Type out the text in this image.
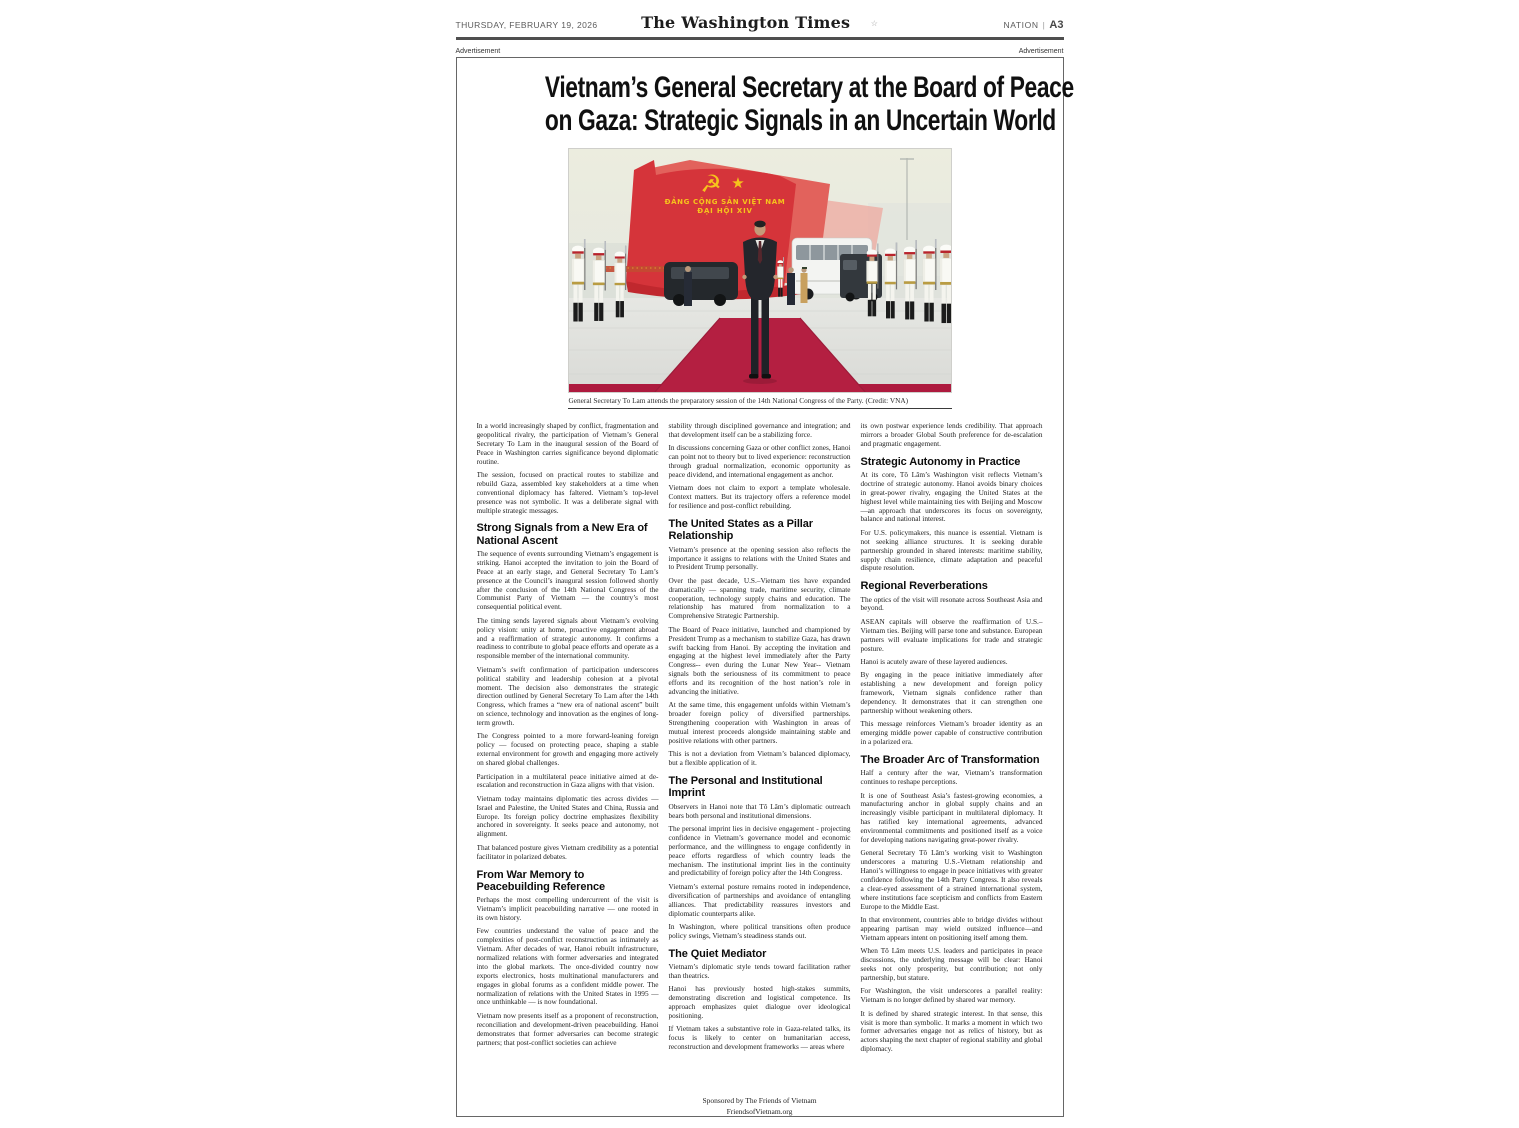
THURSDAY, FEBRUARY 19, 2026	The Washington Times	☆	NATION | A3
Advertisement	Advertisement
Vietnam’s General Secretary at the Board of Peace
on Gaza: Strategic Signals in an Uncertain World
☭ ★
ĐẢNG CỘNG SẢN VIỆT NAM
ĐẠI HỘI XIV
General Secretary To Lam attends the preparatory session of the 14th National Congress of the Party. (Credit: VNA)

In a world increasingly shaped by conflict, fragmentation and geopolitical rivalry, the participation of Vietnam’s General Secretary To Lam in the inaugural session of the Board of Peace in Washington carries significance beyond diplomatic routine.

The session, focused on practical routes to stabilize and rebuild Gaza, assembled key stakeholders at a time when conventional diplomacy has faltered. Vietnam’s top-level presence was not symbolic. It was a deliberate signal with multiple strategic messages.

Strong Signals from a New Era of National Ascent

The sequence of events surrounding Vietnam’s engagement is striking. Hanoi accepted the invitation to join the Board of Peace at an early stage, and General Secretary To Lam’s presence at the Council’s inaugural session followed shortly after the conclusion of the 14th National Congress of the Communist Party of Vietnam — the country’s most consequential political event.

The timing sends layered signals about Vietnam’s evolving policy vision: unity at home, proactive engagement abroad and a reaffirmation of strategic autonomy. It confirms a readiness to contribute to global peace efforts and operate as a responsible member of the international community.

Vietnam’s swift confirmation of participation underscores political stability and leadership cohesion at a pivotal moment. The decision also demonstrates the strategic direction outlined by General Secretary To Lam after the 14th Congress, which frames a “new era of national ascent” built on science, technology and innovation as the engines of long-term growth.

The Congress pointed to a more forward-leaning foreign policy — focused on protecting peace, shaping a stable external environment for growth and engaging more actively on shared global challenges.

Participation in a multilateral peace initiative aimed at de-escalation and reconstruction in Gaza aligns with that vision.

Vietnam today maintains diplomatic ties across divides — Israel and Palestine, the United States and China, Russia and Europe. Its foreign policy doctrine emphasizes flexibility anchored in sovereignty. It seeks peace and autonomy, not alignment.

That balanced posture gives Vietnam credibility as a potential facilitator in polarized debates.

From War Memory to Peacebuilding Reference

Perhaps the most compelling undercurrent of the visit is Vietnam’s implicit peacebuilding narrative — one rooted in its own history.

Few countries understand the value of peace and the complexities of post-conflict reconstruction as intimately as Vietnam. After decades of war, Hanoi rebuilt infrastructure, normalized relations with former adversaries and integrated into the global markets. The once-divided country now exports electronics, hosts multinational manufacturers and engages in global forums as a confident middle power. The normalization of relations with the United States in 1995 — once unthinkable — is now foundational.

Vietnam now presents itself as a proponent of reconstruction, reconciliation and development-driven peacebuilding. Hanoi demonstrates that former adversaries can become strategic partners; that post-conflict societies can achieve

stability through disciplined governance and integration; and that development itself can be a stabilizing force.

In discussions concerning Gaza or other conflict zones, Hanoi can point not to theory but to lived experience: reconstruction through gradual normalization, economic opportunity as peace dividend, and international engagement as anchor.

Vietnam does not claim to export a template wholesale. Context matters. But its trajectory offers a reference model for resilience and post-conflict rebuilding.

The United States as a Pillar Relationship

Vietnam’s presence at the opening session also reflects the importance it assigns to relations with the United States and to President Trump personally.

Over the past decade, U.S.–Vietnam ties have expanded dramatically — spanning trade, maritime security, climate cooperation, technology supply chains and education. The relationship has matured from normalization to a Comprehensive Strategic Partnership.

The Board of Peace initiative, launched and championed by President Trump as a mechanism to stabilize Gaza, has drawn swift backing from Hanoi. By accepting the invitation and engaging at the highest level immediately after the Party Congress-- even during the Lunar New Year-- Vietnam signals both the seriousness of its commitment to peace efforts and its recognition of the host nation’s role in advancing the initiative.

At the same time, this engagement unfolds within Vietnam’s broader foreign policy of diversified partnerships. Strengthening cooperation with Washington in areas of mutual interest proceeds alongside maintaining stable and positive relations with other partners.

This is not a deviation from Vietnam’s balanced diplomacy, but a flexible application of it.

The Personal and Institutional Imprint

Observers in Hanoi note that Tô Lâm’s diplomatic outreach bears both personal and institutional dimensions.

The personal imprint lies in decisive engagement - projecting confidence in Vietnam’s governance model and economic performance, and the willingness to engage confidently in peace efforts regardless of which country leads the mechanism. The institutional imprint lies in the continuity and predictability of foreign policy after the 14th Congress.

Vietnam’s external posture remains rooted in independence, diversification of partnerships and avoidance of entangling alliances. That predictability reassures investors and diplomatic counterparts alike.

In Washington, where political transitions often produce policy swings, Vietnam’s steadiness stands out.

The Quiet Mediator

Vietnam’s diplomatic style tends toward facilitation rather than theatrics.

Hanoi has previously hosted high-stakes summits, demonstrating discretion and logistical competence. Its approach emphasizes quiet dialogue over ideological positioning.

If Vietnam takes a substantive role in Gaza-related talks, its focus is likely to center on humanitarian access, reconstruction and development frameworks — areas where

its own postwar experience lends credibility. That approach mirrors a broader Global South preference for de-escalation and pragmatic engagement.

Strategic Autonomy in Practice

At its core, Tô Lâm’s Washington visit reflects Vietnam’s doctrine of strategic autonomy. Hanoi avoids binary choices in great-power rivalry, engaging the United States at the highest level while maintaining ties with Beijing and Moscow—an approach that underscores its focus on sovereignty, balance and national interest.

For U.S. policymakers, this nuance is essential. Vietnam is not seeking alliance structures. It is seeking durable partnership grounded in shared interests: maritime stability, supply chain resilience, climate adaptation and peaceful dispute resolution.

Regional Reverberations

The optics of the visit will resonate across Southeast Asia and beyond.

ASEAN capitals will observe the reaffirmation of U.S.–Vietnam ties. Beijing will parse tone and substance. European partners will evaluate implications for trade and strategic posture.

Hanoi is acutely aware of these layered audiences.

By engaging in the peace initiative immediately after establishing a new development and foreign policy framework, Vietnam signals confidence rather than dependency. It demonstrates that it can strengthen one partnership without weakening others.

This message reinforces Vietnam’s broader identity as an emerging middle power capable of constructive contribution in a polarized era.

The Broader Arc of Transformation

Half a century after the war, Vietnam’s transformation continues to reshape perceptions.

It is one of Southeast Asia’s fastest-growing economies, a manufacturing anchor in global supply chains and an increasingly visible participant in multilateral diplomacy. It has ratified key international agreements, advanced environmental commitments and positioned itself as a voice for developing nations navigating great-power rivalry.

General Secretary Tô Lâm’s working visit to Washington underscores a maturing U.S.-Vietnam relationship and Hanoi’s willingness to engage in peace initiatives with greater confidence following the 14th Party Congress. It also reveals a clear-eyed assessment of a strained international system, where institutions face scepticism and conflicts from Eastern Europe to the Middle East.

In that environment, countries able to bridge divides without appearing partisan may wield outsized influence—and Vietnam appears intent on positioning itself among them.

When Tô Lâm meets U.S. leaders and participates in peace discussions, the underlying message will be clear: Hanoi seeks not only prosperity, but contribution; not only partnership, but stature.

For Washington, the visit underscores a parallel reality: Vietnam is no longer defined by shared war memory.

It is defined by shared strategic interest. In that sense, this visit is more than symbolic. It marks a moment in which two former adversaries engage not as relics of history, but as actors shaping the next chapter of regional stability and global diplomacy.

Sponsored by The Friends of Vietnam
FriendsofVietnam.org
